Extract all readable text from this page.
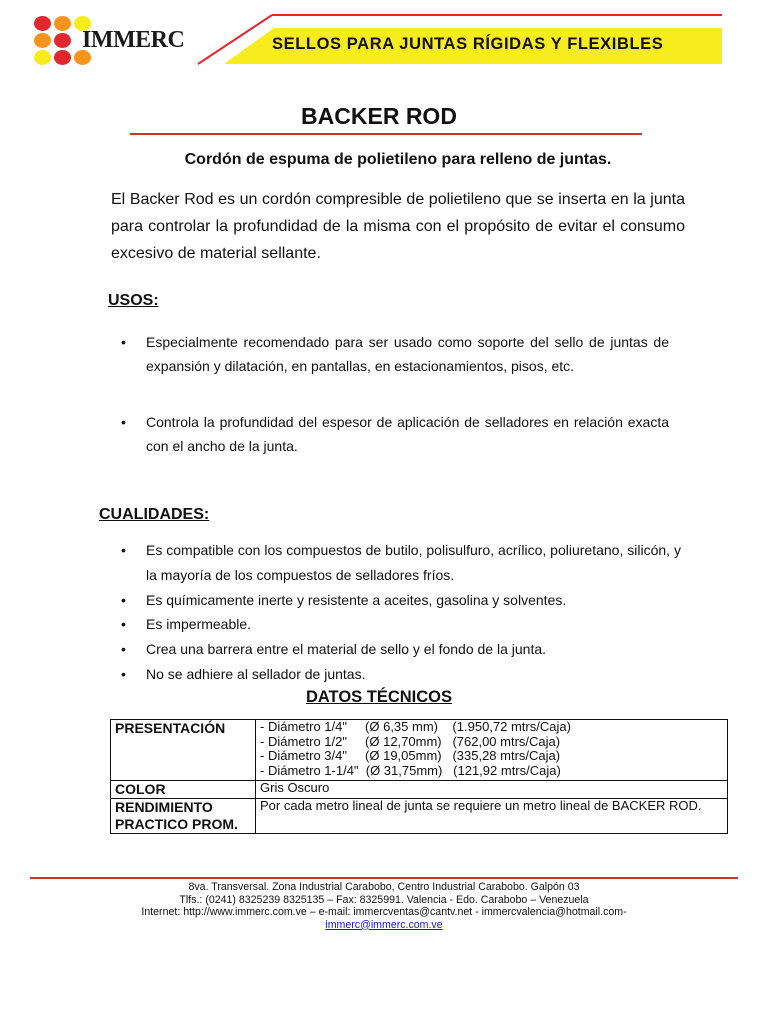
IMMERC	SELLOS PARA JUNTAS RÍGIDAS Y FLEXIBLES
BACKER ROD
Cordón de espuma de polietileno para relleno de juntas.
El Backer Rod es un cordón compresible de polietileno que se inserta en la junta para controlar la profundidad de la misma con el propósito de evitar el consumo excesivo de material sellante.
USOS:
• Especialmente recomendado para ser usado como soporte del sello de juntas de expansión y dilatación, en pantallas, en estacionamientos, pisos, etc.
• Controla la profundidad del espesor de aplicación de selladores en relación exacta con el ancho de la junta.
CUALIDADES:
• Es compatible con los compuestos de butilo, polisulfuro, acrílico, poliuretano, silicón, y la mayoría de los compuestos de selladores fríos.
• Es químicamente inerte y resistente a aceites, gasolina y solventes.
• Es impermeable.
• Crea una barrera entre el material de sello y el fondo de la junta.
• No se adhiere al sellador de juntas.
DATOS TÉCNICOS
PRESENTACIÓN	- Diámetro 1/4"     (Ø 6,35 mm)    (1.950,72 mtrs/Caja)
- Diámetro 1/2"     (Ø 12,70mm)   (762,00 mtrs/Caja)
- Diámetro 3/4"     (Ø 19,05mm)   (335,28 mtrs/Caja)
- Diámetro 1-1/4"  (Ø 31,75mm)   (121,92 mtrs/Caja)

COLOR	Gris Oscuro

RENDIMIENTO
PRACTICO PROM.	Por cada metro lineal de junta se requiere un metro lineal de BACKER ROD.
8va. Transversal. Zona Industrial Carabobo, Centro Industrial Carabobo. Galpón 03
Tlfs.: (0241) 8325239 8325135 – Fax: 8325991. Valencia - Edo. Carabobo – Venezuela
Internet: http://www.immerc.com.ve – e-mail: immercventas@cantv.net - immercvalencia@hotmail.com-
immerc@immerc.com.ve
